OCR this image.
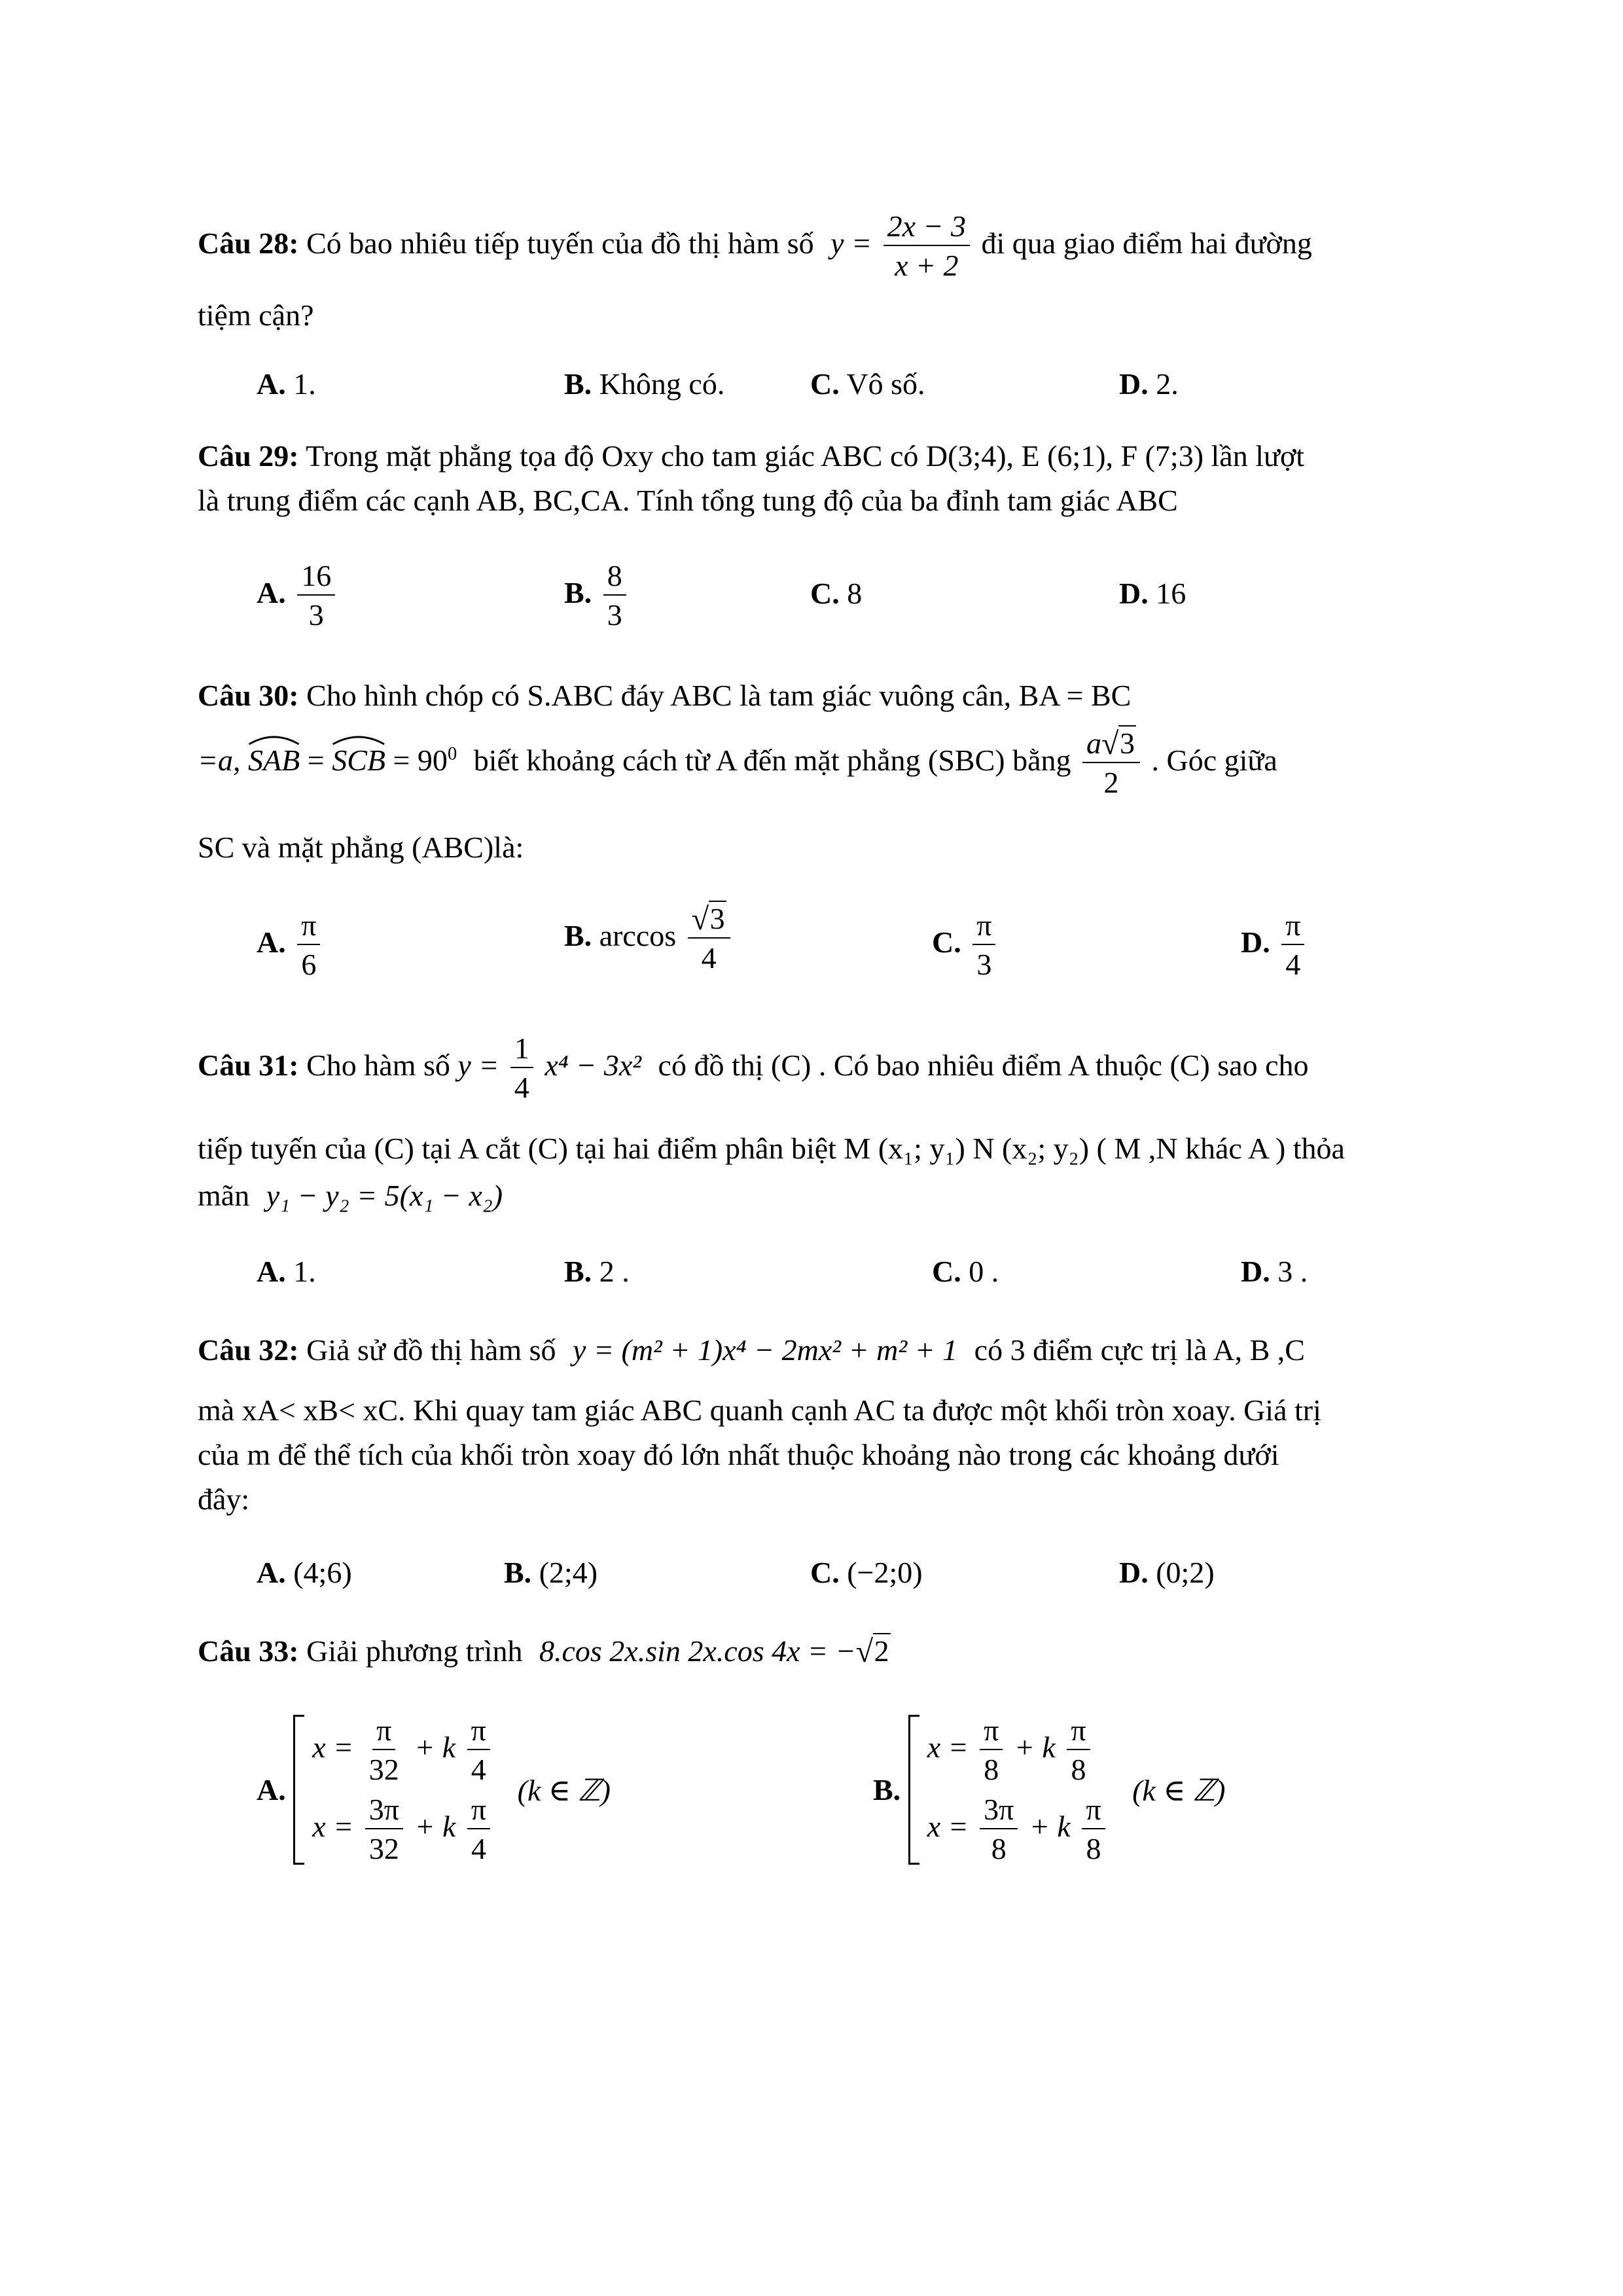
Câu 28: Có bao nhiêu tiếp tuyến của đồ thị hàm số $y = \frac{2x - 3}{x + 2}$ đi qua giao điểm hai đường
tiệm cận?
A. 1.	B. Không có.	C. Vô số.	D. 2.
Câu 29: Trong mặt phẳng tọa độ Oxy cho tam giác ABC có D(3;4), E (6;1), F (7;3) lần lượt
là trung điểm các cạnh AB, BC,CA. Tính tổng tung độ của ba đỉnh tam giác ABC
A. $\frac{16}{3}$	B. $\frac{8}{3}$	C. 8	D. 16
Câu 30: Cho hình chóp có S.ABC đáy ABC là tam giác vuông cân, BA = BC
=a, SAB = SCB = $90^0$ biết khoảng cách từ A đến mặt phẳng (SBC) bằng $\frac{a √ 3}{2}$ . Góc giữa
SC và mặt phẳng (ABC)là:
A. $\frac{\pi}{6}$	B. $\arccos \frac{√ 3}{4}$	C. $\frac{\pi}{3}$	D. $\frac{\pi}{4}$
Câu 31: Cho hàm số $y = \frac{1}{4} x^4 - 3x^2$ có đồ thị (C) . Có bao nhiêu điểm A thuộc (C) sao cho
tiếp tuyến của (C) tại A cắt (C) tại hai điểm phân biệt M (x₁; y₁) N (x₂; y₂) ( M ,N khác A ) thỏa
mãn y₁ − y₂ = 5(x₁ − x₂)
A. 1.	B. 2 .	C. 0 .	D. 3 .
Câu 32: Giả sử đồ thị hàm số y = (m² + 1)x⁴ − 2mx² + m² + 1 có 3 điểm cực trị là A, B ,C
mà xA< xB< xC. Khi quay tam giác ABC quanh cạnh AC ta được một khối tròn xoay. Giá trị
của m để thể tích của khối tròn xoay đó lớn nhất thuộc khoảng nào trong các khoảng dưới
đây:
A. (4;6)	B. (2;4)	C. (−2;0)	D. (0;2)
Câu 33: Giải phương trình 8.cos 2x.sin 2x.cos 4x = − √ 2
A.
$x = \frac{\pi}{32} + k \frac{\pi}{4}$
$x = \frac{3\pi}{32} + k \frac{\pi}{4}$
(k ∈ ℤ)	B.
$x = \frac{\pi}{8} + k \frac{\pi}{8}$
$x = \frac{3\pi}{8} + k \frac{\pi}{8}$
(k ∈ ℤ)
